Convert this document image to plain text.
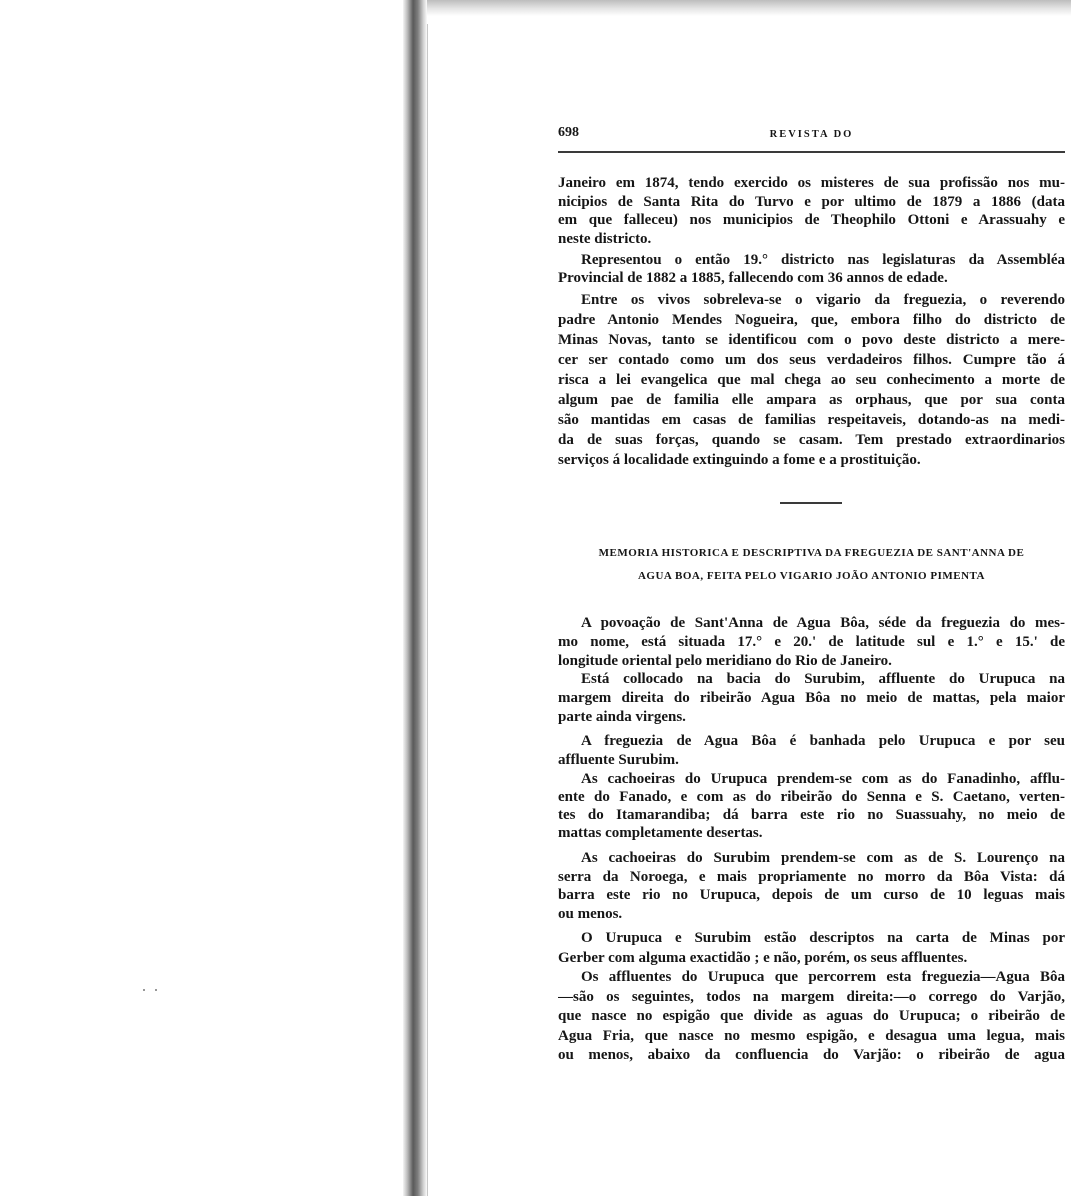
698	REVISTA DO
Janeiro em 1874, tendo exercido os misteres de sua profissão nos mu-
nicipios de Santa Rita do Turvo e por ultimo de 1879 a 1886 (data
em que falleceu) nos municipios de Theophilo Ottoni e Arassuahy e
neste districto.
Representou o então 19.° districto nas legislaturas da Assembléa
Provincial de 1882 a 1885, fallecendo com 36 annos de edade.
Entre os vivos sobreleva-se o vigario da freguezia, o reverendo
padre Antonio Mendes Nogueira, que, embora filho do districto de
Minas Novas, tanto se identificou com o povo deste districto a mere-
cer ser contado como um dos seus verdadeiros filhos. Cumpre tão á
risca a lei evangelica que mal chega ao seu conhecimento a morte de
algum pae de familia elle ampara as orphaus, que por sua conta
são mantidas em casas de familias respeitaveis, dotando-as na medi-
da de suas forças, quando se casam. Tem prestado extraordinarios
serviços á localidade extinguindo a fome e a prostituição.
MEMORIA HISTORICA E DESCRIPTIVA DA FREGUEZIA DE SANT'ANNA DE
AGUA BOA, FEITA PELO VIGARIO JOÃO ANTONIO PIMENTA
A povoação de Sant'Anna de Agua Bôa, séde da freguezia do mes-
mo nome, está situada 17.° e 20.' de latitude sul e 1.° e 15.' de
longitude oriental pelo meridiano do Rio de Janeiro.
Está collocado na bacia do Surubim, affluente do Urupuca na
margem direita do ribeirão Agua Bôa no meio de mattas, pela maior
parte ainda virgens.
A freguezia de Agua Bôa é banhada pelo Urupuca e por seu
affluente Surubim.
As cachoeiras do Urupuca prendem-se com as do Fanadinho, afflu-
ente do Fanado, e com as do ribeirão do Senna e S. Caetano, verten-
tes do Itamarandiba; dá barra este rio no Suassuahy, no meio de
mattas completamente desertas.
As cachoeiras do Surubim prendem-se com as de S. Lourenço na
serra da Noroega, e mais propriamente no morro da Bôa Vista: dá
barra este rio no Urupuca, depois de um curso de 10 leguas mais
ou menos.
O Urupuca e Surubim estão descriptos na carta de Minas por
Gerber com alguma exactidão ; e não, porém, os seus affluentes.
Os affluentes do Urupuca que percorrem esta freguezia—Agua Bôa
—são os seguintes, todos na margem direita:—o corrego do Varjão,
que nasce no espigão que divide as aguas do Urupuca; o ribeirão de
Agua Fria, que nasce no mesmo espigão, e desagua uma legua, mais
ou menos, abaixo da confluencia do Varjão: o ribeirão de agua
